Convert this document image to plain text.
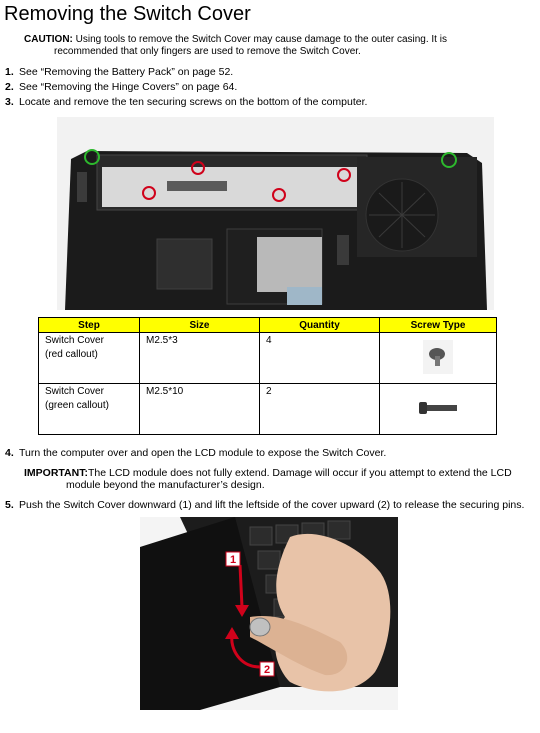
Removing the Switch Cover
CAUTION: Using tools to remove the Switch Cover may cause damage to the outer casing. It is
recommended that only fingers are used to remove the Switch Cover.
1. See “Removing the Battery Pack” on page 52.
2. See “Removing the Hinge Covers” on page 64.
3. Locate and remove the ten securing screws on the bottom of the computer.
Step	Size	Quantity	Screw Type

Switch Cover
(red callout)	M2.5*3	4	

Switch Cover
(green callout)	M2.5*10	2	
4. Turn the computer over and open the LCD module to expose the Switch Cover.
IMPORTANT:The LCD module does not fully extend. Damage will occur if you attempt to extend the LCD
module beyond the manufacturer’s design.
5. Push the Switch Cover downward (1) and lift the leftside of the cover upward (2) to release the securing pins.
1
2
